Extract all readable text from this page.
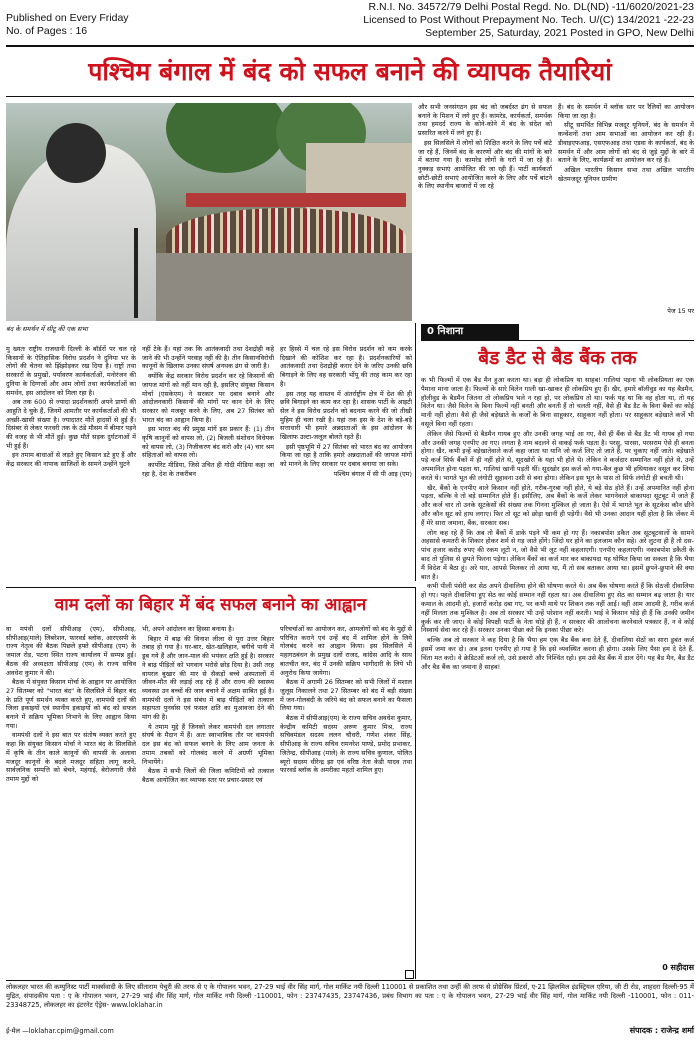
Published on Every Friday
No. of Pages : 16
R.N.I. No. 34572/79 Delhi Postal Regd. No. DL(ND) -11/6020/2021-23
Licensed to Post Without Prepayment No. Tech. U/(C) 134/2021 -22-23
September 25, Saturday, 2021 Posted in GPO, New Delhi
पश्चिम बंगाल में बंद को सफल बनाने की व्यापक तैयारियां
बंद के समर्थन में सीटू की एक सभा

मु ख्यतः राष्ट्रीय राजधानी दिल्ली के बॉर्डरों पर चल रहे किसानों के ऐतिहासिक विरोध प्रदर्शन ने दुनिया भर के लोगों की चेतना को झिंझोड़कर रख दिया है। राष्ट्रों तथा सरकारों के प्रमुखों, पर्यावरण कार्यकर्ताओं, मनोरंजन की दुनिया के दिग्गजों और आम लोगों तथा कार्यकर्ताओं का समर्थन, इस आंदोलन को मिला रहा है।

अब तक 600 से ज्यादा प्रदर्शनकारी अपने प्राणों की आहुति दे चुके हैं, जिनमें आमतौर पर कार्यकर्ताओं की भी अच्छी-खासी संख्या है। ज्यादातर मौतें हादसों से हुई हैं। दिसंबर से लेकर फरवरी तक के ठंडे मौसम में बीमार पड़ने की वजह से भी मौतें हुई। कुछ मौतें सड़क दुर्घटनाओं में भी हुई हैं।

इन तमाम बाधाओं से लड़ते हुए किसान डटे हुए हैं और केंद्र सरकार की नापाक साजिशों के सामने उन्होंने घुटने

नहीं टेके हैं। यहां तक कि आतंकवादी तथा देशद्रोही कहे जाने की भी उन्होंने परवाह नहीं की है। तीन किसानविरोधी कानूनों के खिलाफ उनका संघर्ष अनथक ढंग से जारी है।

क्योंकि केंद्र सरकार विरोध प्रदर्शन कर रहे किसानों की जायज मांगों को नहीं मान रही है, इसलिए संयुक्त किसान मोर्चा (एसकेएम) ने सरकार पर दबाव बनाने और आंदोलनकारी किसानों की मांगों पर कान देने के लिए सरकार को मजबूर करने के लिए, अब 27 सितंबर को भारत बंद का आह्वान किया है।

इस भारत बंद की प्रमुख मांगें इस प्रकार हैं: (1) तीन कृषि कानूनों को वापस लो, (2) बिजली संशोधन विधेयक को वापस लो, (3) निजीकरण बंद करो और (4) चार श्रम संहिताओं को वापस लो।

कार्पोरेट मीडिया, जिसे उचित ही गोदी मीडिया कहा जा रहा है, देश के तकरीबन

हर हिस्से में चल रहे इस विरोध प्रदर्शन को कम करके दिखाने की कोशिश कर रहा है। प्रदर्शनकारियों को आतंकवादी तथा देशद्रोही करार देने के जरिए उनकी छवि बिगाड़ने के लिए वह सरकारी भोंपू की तरह काम कर रहा है।

इस तरह यह वास्तव में अंतर्राष्ट्रीय क्षेत्र में देश की ही छवि बिगाड़ने का काम कर रहा है। शासक पार्टी के आइटी सेल ने इस विरोध प्रदर्शन को बदनाम करने की जो तीखी मुहिम ही चला रखी है। यहां तक इस के देश के बड़े-बड़े सत्ताधारी भी हमारे अन्नदाताओं के इस आंदोलन के खिलाफ उल्टा-जलूल बोलते रहते हैं।

इसी पृष्ठभूमि में 27 सितंबर को भारत बंद का आयोजन किया जा रहा है ताकि हमारे अन्नदाताओं की जायज मांगों को मानने के लिए सरकार पर दबाव बनाया जा सके।

पश्चिम बंगाल में सी पी आइ (एम)

और सभी जनसंगठन इस बंद को जबर्दस्त ढंग से सफल बनाने के मिशन में लगे हुए हैं। कामरेड, कार्यकर्ता, समर्थक तथा हमदर्द राज्य के कोने-कोने में बंद के संदेश को प्रसारित करने में लगे हुए हैं।

इस सिलसिले में लोगों को शिक्षित करने के लिए पर्चे बांटे जा रहे हैं, जिनमें बंद के कारणों और बंद की मांगों के बारे में बताया गया है। कामरेड लोगों के घरों में जा रहे हैं। नुक्कड़ सभाएं आयोजित की जा रही हैं। पार्टी कार्यकर्ता छोटी-छोटी सभाएं आयोजित करने के लिए और पर्चे बांटने के लिए स्थानीय बाजारों में जा रहे

हैं। बंद के समर्थन में ब्लॉक स्तर पर रैलियों का आयोजन किया जा रहा है।

सीटू समर्थित विभिन्न मजदूर यूनियनें, बंद के समर्थन में कन्वेंशनों तथा आम सभाओं का आयोजन कर रही हैं। डीवाइएफआइ, एसएफआइ तथा एडवा के कार्यकर्ता, बंद के समर्थन में और आम लोगों को बंद से जुड़े मुद्दों के बारे में बताने के लिए, कार्यक्रमों का आयोजन कर रहे हैं।

अखिल भारतीय किसान सभा तथा अखिल भारतीय खेतमजदूर यूनियन ग्रामीण

पेज 15 पर
0 निशाना
बैड डैट से बैड बैंक तक

क भी फिल्मों में एक बैड मैन हुआ करता था। बड़ा ही लोकप्रिय था साहब! गालियां पड़ना भी लोकप्रियता का एक पैमाना माना जाता है। फिल्मों के सारे विलेन गाली खा-खाकर ही लोकप्रिय हुए हैं। खैर, हमारे बॉलीवुड का यह बैडमैन, हॉलीवुड के बैडमैन जितना तो लोकप्रिय भले न रहा हो, पर लोकप्रिय तो था। फर्क यह था कि वह होता था, तो यह विलेन था। जैसे विलेन के बिना फिल्में नहीं बनती और बनती हैं तो चलती नहीं, वैसे ही बैड डैट के बिना बैंकों का कोई मानी नहीं होता। वैसे ही जैसे बड़ेखाते के कर्जों के बिना साहूकार, साहूकार नहीं होता। पर साहूकार बड़ेखाते कर्जे भी वसूले बिना नहीं रहता।

लेकिन जैसे फिल्मों से बैडमैन गायब हुए और उनकी जगह भाई आ गए, वैसे ही बैंक से बैड डैट भी गायब हो गया और उनकी जगह एनपीए आ गए। लगता है नाम बदलने से वाकई फर्क पड़ता है। परसु, पारसा, परसराम ऐसे ही बनता होगा। खैर, कभी इन्हें बड़ेखातेवाले कर्ज कहा जाता था यानि जो कर्ज लिए तो जाते हैं, पर चुकाए नहीं जाते। बड़ेखाते पड़े कर्ज सिर्फ बैंकों में ही नहीं होते थे, सूदखोरों के यहां भी होते थे। लेकिन वे कर्जदार सम्मानित नहीं होते थे, उन्हें अपमानित होना पड़ता था, गालियां खानी पड़ती थीं। सूदखोर इस कर्ज को गया-बैल कुछ भी हथियाकर वसूल कर लिया करते थे। भागते भूत की लंगोटी सुहावना उसी से बना होगा। लेकिन इस भूत के पास तो सिर्फ लंगोटी ही बचती थी।

खैर, बैंकों के एनपीए वाले किसान नहीं होते, गरीब-गुरबा नहीं होते, ये बड़े सेठ होते हैं। उन्हें अपमानित नहीं होना पड़ता, बल्कि वे तो बड़े सम्मानित होते हैं। इसीलिए, अब बैंकों के कर्जे लेकर भागनेवाले बाकायदा सूटबूट में जाते हैं और कर्ज चार तो उनके सूटकेसों की संख्या तक गिनना मुश्किल हो जाता है। ऐसे में भागते भूत के सूटकेस कौन छीने और कौन सूट को हाथ लगाए। फिर तो सूट को छोड़ा खानी ही पड़ेगी। वैसे भी उनका आदान यहीं होता है कि जेंकर में हैं मेरे सारा जमाना, बैंक, सरकार सब।

लोग कह रहे हैं कि अब तो बैंकों में डाके पड़ने भी कम हो गए हैं। नकाबपोश डकैत अब सूटबूटवालों के सामने अहसासे कमतरी के शिकार होकर शर्म से गड़ जाते होंगे। जिंदो घर होने का इलजाम कौन सहे। अरे लुटना ही है तो दस-पांच हजार करोड़ रुपए की रकम लूटो न, जो वैसे भी लूट नहीं कहलाएगी। एनपीए कहलाएगी। नकाबपोश डकैती के बाद तो पुलिस से छुपते फिरना पड़ेगा। लेकिन बैंकों का कर्ज मार कर बाकायदा यह घोषित किया जा सकता है कि भैया मैं विदेश में बैठा हूं। अरे यार, आपसे मिलकर तो आया था, मैं तो सब बताकर आया था। इसमें छुपने-छुपाने की क्या बात है।

कभी पीली पंसेरी कर सेठ अपने दीवालिया होने की घोषणा करते थे। अब बैंक घोषणा करते हैं कि सेठजी दीवालिया हो गए। पहले दीवालिया हुए सेठ का कोई सम्मान नहीं रहता था। अब दीवालिया हुए सेठ का सम्मान बढ़ जाता है। यार कमाल के आदमी हो, हजारों करोड़ दबा गए, पर कभी माथे पर शिकन तक नहीं आई। वहीं आम आदमी है, गरीब कर्ज नहीं मिलता तक मुश्किल है। अब तो सरकार भी उन्हें परेशान नहीं करती। भाई वे किसान थोड़े ही हैं कि उनकी जमीन कुर्क कर ली जाए। वे कोई विपक्षी पार्टी के नेता थोड़े ही हैं, न सरकार की आलोचना करनेवाले पत्रकार हैं, न वे कोई निस्वार्थ सेवा कर रहे हैं। सरकार उनका पीछा करे कि इनका पीछा करे।

बल्कि अब तो सरकार ने कह दिया है कि भैया हम एक बैड बैंक बना देते हैं, दीवालिया सेठों का सारा डूबंत कर्ज इसमें जमा कर दो। अब इतना एनपीए हो गया है कि इसे व्यवस्थित करना ही होगा। उसके लिए पैसा हम दे देते हैं, चिंता मत करो। वे क्रेडिटओं कर्ज लो, उसे डकारो और निश्चिंत रहो। हम उसे बैड बैंक में डाल देंगे। यह बैड मैन, बैड डैट और बैड बैंक का जमाना है साहब!

0 सहीदास
वाम दलों का बिहार में बंद सफल बनाने का आह्वान

वा मपंथी दलों सीपीआइ (एम), सीपीआइ, सीपीआइ(माले) लिबरेशन, फारवर्ड ब्लॉक, आरएसपी के राज्य नेतृत्व की बैठक पिछले हफ्ते सीपीआइ (एम) के जमाल रोड, पटना स्थित राज्य कार्यालय में सम्पन्न हुई। बैठक की अध्यक्षता सीपीआइ (एम) के राज्य सचिव अवधेश कुमार ने की।

बैठक में संयुक्त किसान मोर्चा के आह्वान पर आयोजित 27 सितम्बर को "भारत बंद" के सिलसिले में बिहार बंद के प्रति पूर्ण समर्थन व्यक्त करते हुए, वामपंथी दलों की जिला इकाइयों एवं स्थानीय इकाइयों को बंद को सफल बनाने में सक्रिय भूमिका निभाने के लिए आह्वान किया गया।

वामपंथी दलों ने इस बात पर संतोष व्यक्त करते हुए कहा कि संयुक्त किसान मोर्चा ने भारत बंद के सिलसिले में कृषि के तीन काले कानूनों की वापसी के अलावा मजदूर कानूनों के बदले मजदूर संहिता लागू करने, सार्वजनिक सम्पत्ति को बेचने, महंगाई, बेरोजगारी जैसे तमाम मुद्दों को

भी, अपने आंदोलन का हिस्सा बनाया है।

बिहार में बाढ़ की विनाश लीला से पूरा उत्तर बिहार तबाह हो गया है। घर-बार, खेत-खलिहान, बगीचे पानी में डूब गये हैं और जान-माल की भयंकर क्षति हुई है। सरकार ने बाढ़ पीड़ितों को भगवान भरोसे छोड़ दिया है। उसी तरह वायरल बुखार की मार से सैकड़ों बच्चे अस्पतालों में जीवन-मौत की लड़ाई लड़ रहे हैं और राज्य की स्वास्थ्य व्यवस्था उन बच्चों की जान बचाने में अक्षम साबित हुई है। वामपंथी दलों ने इस संबंध में बाढ़ पीड़ितों को तत्काल सहायता पुनर्वास एवं फसल क्षति का मुआवजा देने की मांग की है।

ये तमाम मुद्दे हैं जिनको लेकर वामपंथी दल लगातार संघर्ष के मैदान में हैं। अतः स्वाभाविक तौर पर वामपंथी दल इस बंद को सफल बनाने के लिए आम जनता के तमाम तबकों को गोलबंद करने में अग्रणी भूमिका निभायेंगे।

बैठक में सभी जिलों की जिला कमिटियों को तत्काल बैठक आयोजित कर व्यापक स्तर पर प्रचार-प्रसार एवं

परिचर्चाओं का आयोजन कर, आमलोगों को बंद के मुद्दों से परिचित कराने एवं उन्हें बंद में शामिल होने के लिये गोलबंद करने का आह्वान किया। इस सिलसिले में महागठबंधन के प्रमुख दलों राजद, कांग्रेस आदि के साथ बातचीत कर, बंद में उनकी सक्रिय भागीदारी के लिये भी अनुरोध किया जायेगा।

बैठक में अगामी 26 सितम्बर को सभी जिलों में मशाल जुलूस निकालने तथा 27 सितम्बर को बंद में बड़ी संख्या में जन-गोलबंदी के जरिये बंद को सफल बनाने का फैसला लिया गया।

बैठक में सीपीआइ(एम) के राज्य सचिव अवधेश कुमार, केन्द्रीय कमिटी सदस्य अरुण कुमार मिश्र, राज्य सचिवमंडल सदस्य ललन चौधरी, गणेश शंकर सिंह, सीपीआइ के राज्य सचिव रामनरेश पाण्डे, प्रमोद प्रभाकर, जितेन्द्र, सीपीआइ (माले) के राज्य सचिव कुणाल, पोलित ब्यूरो सदस्य धीरेन्द्र झा एवं वरिष्ठ नेता केडी यादव तथा फारवर्ड ब्लॉक के अमरीका महतो शामिल हुए।

लोकलहर भारत की कम्युनिस्ट पार्टी मार्क्सवादी के लिए सीताराम येचुरी की तरफ से ए के गोपालन भवन, 27-29 भाई वीर सिंह मार्ग, गोल मार्किट नयी दिल्ली 110001 से प्रकाशित तथा उन्हीं की तरफ से प्रोग्रेसिव प्रिंटर्स, ए-21 झिलमिल इंडस्ट्रियल एरिया, जी टी रोड, शाहदरा दिल्ली-95 में मुद्रित, संपादकीय पता : ए के गोपालन भवन, 27-29 भाई वीर सिंह मार्ग, गोल मार्किट नयी दिल्ली -110001, फोन : 23747435, 23747436, प्रबंध विभाग का पता : ए के गोपालन भवन, 27-29 भाई वीर सिंह मार्ग, गोल मार्किट नयी दिल्ली -110001, फोन : 011-23348725, लोकलहर का इंटरनेट ऐड्रेस- www.loklahar.in
ई-मेल —loklahar.cpim@gmail.com	संपादक : राजेन्द्र शर्मा
